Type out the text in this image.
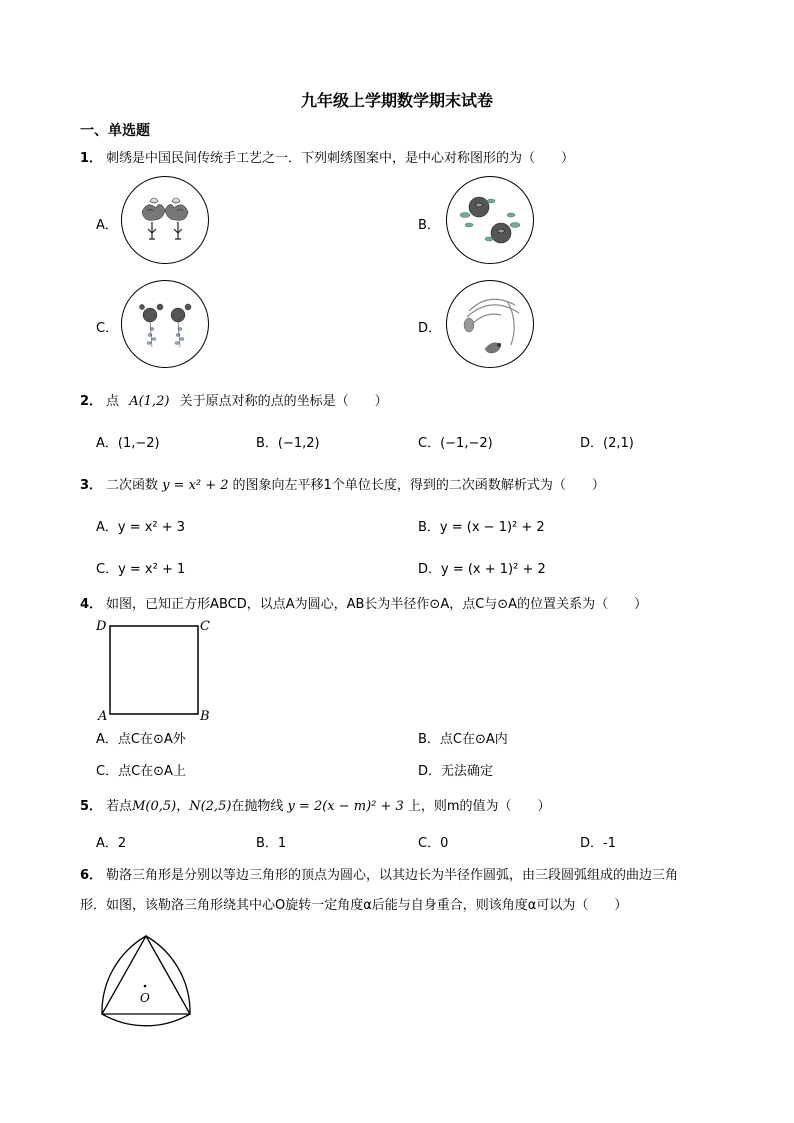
九年级上学期数学期末试卷
一、单选题
1． 刺绣是中国民间传统手工艺之一．下列刺绣图案中，是中心对称图形的为（　　）
A．	B．
C．	D．
2． 点 A(1,2) 关于原点对称的点的坐标是（　　）
A．(1,−2)	B．(−1,2)	C．(−1,−2)	D．(2,1)
3． 二次函数 y = x² + 2 的图象向左平移1个单位长度，得到的二次函数解析式为（　　）
A．y = x² + 3	B．y = (x − 1)² + 2
C．y = x² + 1	D．y = (x + 1)² + 2
4． 如图，已知正方形ABCD，以点A为圆心，AB长为半径作⊙A，点C与⊙A的位置关系为（　　）
D	C
A	B
A．点C在⊙A外	B．点C在⊙A内
C．点C在⊙A上	D．无法确定
5． 若点M(0,5)，N(2,5)在抛物线 y = 2(x − m)² + 3 上，则m的值为（　　）
A．2	B．1	C．0	D．-1
6． 勒洛三角形是分别以等边三角形的顶点为圆心，以其边长为半径作圆弧，由三段圆弧组成的曲边三角
形．如图，该勒洛三角形绕其中心O旋转一定角度α后能与自身重合，则该角度α可以为（　　）
O
